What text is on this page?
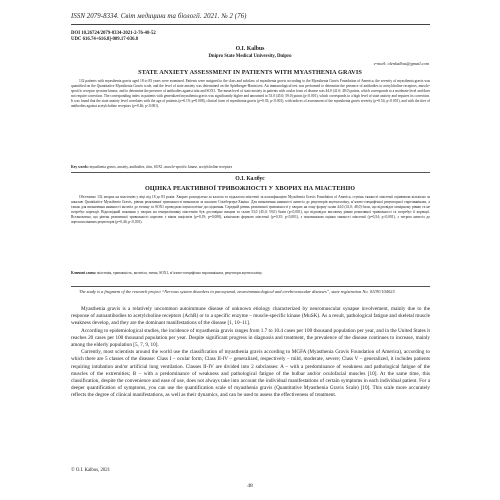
ISSN 2079-8334. Світ медицини та біології. 2021. № 2 (76)
DOI 10.26724/2079-8334-2021-2-76-48-52
UDC 616.74+616.8]-009.17-036.8
O.I. Kalbus
Dnipro State Medical University, Dnipro
e-mail: olenkalbus@gmail.com
STATE ANXIETY ASSESSMENT IN PATIENTS WITH MYASTHENIA GRAVIS
132 patients with myasthenia gravis aged 18 to 83 years were examined. Patients were assigned to the class and subclass of myasthenia gravis according to the Myasthenia Gravis Foundation of America, the severity of myasthenia gravis was quantified on the Quantitative Myasthenia Gravis scale, and the level of state anxiety was determined on the Spielberger-Hanin test. An immunological test was performed to determine the presence of antibodies to acetylcholine receptors, muscle-specific receptor tyrosine kinase, and to determine the presence of antibodies against titin and SOX1. The mean level of state anxiety in patients with ocular form of disease was 44.0 (41.0; 48.0) points, which corresponds to a moderate level and does not require correction. The corresponding index in patients with generalized myasthenia gravis was significantly higher and amounted to 53.0 (45.0; 59.0) points (p<0.001), which corresponds to a high level of state anxiety and requires its correction. It was found that the state anxiety level correlates with the age of patients (ρ=0.19; p=0.008), clinical form of myasthenia gravis (ρ=0.35; p<0.001), with indices of assessment of the myasthenia gravis severity (ρ=0.54; p<0.001), and with the titer of antibodies against acetylcholine receptors (ρ=0.46; p<0.001).
Key words: myasthenia gravis, anxiety, antibodies, titin, SOX1, muscle-specific kinase, acetylcholine receptors
О.І. Калбус
ОЦІНКА РЕАКТИВНОЇ ТРИВОЖНОСТІ У ХВОРИХ НА МІАСТЕНІЮ
Обстежено 132 хворих на міастенію у віці від 18 до 83 років. Хворих розподілено за класом та підкласом міастенії за класифікацією Myasthenia Gravis Foundation of America, ступінь тяжкості міастенії оцінювали кількісно за шкалою Quantitative Myasthenia Gravis, рівень реактивної тривожності визначали за шкалою Спілбергера-Ханіна. Для визначення наявності антитіл до рецепторів ацетилхоліну, м’язово-специфічної рецепторної тирозинкінази, а також для визначення наявності антитіл до титину та SOX1 проводили імунологічне дослідження. Середній рівень реактивної тривожності у хворих на очну форму склав 44,0 (41,0; 48,0) бали, що відповідає помірному рівню та не потребує корекції. Відповідний показник у хворих на генералізовану міастенію був достовірно вищим та склав 53,0 (45,0; 59,0) балів (p<0,001), що відповідає високому рівню реактивної тривожності та потребує її корекції. Встановлено, що рівень реактивної тривожності корелює з віком пацієнтів (ρ=0,19; p=0,008), клінічною формою міастенії (ρ=0,35; p<0,001), з показниками оцінки тяжкості міастенії (ρ=0,54; p<0,001), з титром антитіл до ацетилхолінових рецепторів (ρ=0,46; p<0,001).
Ключові слова: міастенія, тривожність, антитіла, титин, SOX1, м’язово-специфічна тирозинкіназа, рецептори ацетилхоліну.
The study is a fragment of the research project “Nervous system disorders in paroxysmal, neuroimmunological and cerebrovascular diseases”, state registration No. 0119U104023.

Myasthenia gravis is a relatively uncommon autoimmune disease of unknown etiology characterized by neuromuscular synapse involvement, mainly due to the response of autoantibodies to acetylcholine receptors (AchR) or to a specific enzyme – muscle-specific kinase (MuSK). As a result, pathological fatigue and skeletal muscle weakness develop, and they are the dominant manifestations of the disease [1, 10–11].

According to epidemiological studies, the incidence of myasthenia gravis ranges from 1.7 to 10.4 cases per 100 thousand population per year, and in the United States it reaches 20 cases per 100 thousand population per year. Despite significant progress in diagnosis and treatment, the prevalence of the disease continues to increase, mainly among the elderly population [5, 7, 9, 10].

Currently, most scientists around the world use the classification of myasthenia gravis according to MGFA (Myasthenia Gravis Foundation of America), according to which there are 5 classes of the disease: Class I – ocular form; Class II-IV – generalized, respectively – mild, moderate, severe; Class V – generalized, it includes patients requiring intubation and/or artificial lung ventilation. Classes II-IV are divided into 2 subclasses: A – with a predominance of weakness and pathological fatigue of the muscles of the extremities; B – with a predominance of weakness and pathological fatigue of the bulbar and/or oculofacial muscles [10]. At the same time, this classification, despite the convenience and ease of use, does not always take into account the individual manifestations of certain symptoms in each individual patient. For a deeper quantification of symptoms, you can use the quantification scale of myasthenia gravis (Quantitative Myasthenia Gravis Scale) [10]. This scale more accurately reflects the degree of clinical manifestations, as well as their dynamics, and can be used to assess the effectiveness of treatment.

© O.I. Kalbus, 2021
48
